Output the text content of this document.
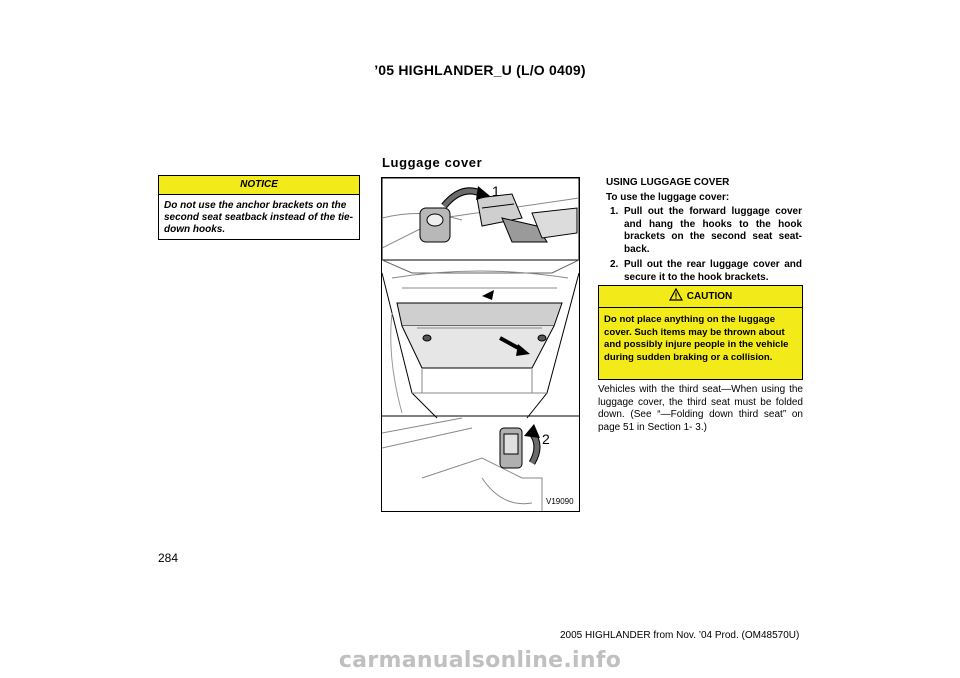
’05 HIGHLANDER_U (L/O 0409)
NOTICE
Do not use the anchor brackets on the second seat seatback instead of the tie- down hooks.
Luggage cover
1
2
V19090
USING LUGGAGE COVER
To use the luggage cover:
1. Pull out the forward luggage cover and hang the hooks to the hook brackets on the second seat seat- back.
2. Pull out the rear luggage cover and secure it to the hook brackets.
CAUTION
Do not place anything on the luggage cover. Such items may be thrown about and possibly injure people in the vehicle during sudden braking or a collision.
Vehicles with the third seat—When using the luggage cover, the third seat must be folded down. (See “—Folding down third seat” on page 51 in Section 1- 3.)
284
2005 HIGHLANDER from Nov. ’04 Prod. (OM48570U)
carmanualsonline.info
